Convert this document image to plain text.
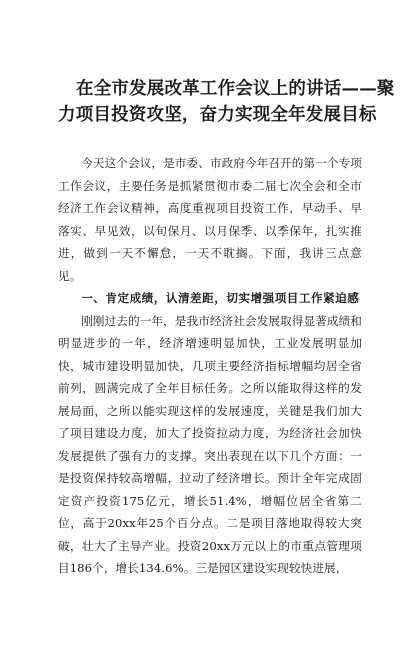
在全市发展改革工作会议上的讲话——聚
力项目投资攻坚，奋力实现全年发展目标

今天这个会议，是市委、市政府今年召开的第一个专项工作会议，主要任务是抓紧贯彻市委二届七次全会和全市经济工作会议精神，高度重视项目投资工作，早动手、早落实、早见效，以旬保月、以月保季、以季保年，扎实推进，做到一天不懈怠，一天不耽搁。下面，我讲三点意见。

一、肯定成绩，认清差距，切实增强项目工作紧迫感

刚刚过去的一年，是我市经济社会发展取得显著成绩和明显进步的一年，经济增速明显加快，工业发展明显加快，城市建设明显加快，几项主要经济指标增幅均居全省前列，圆满完成了全年目标任务。之所以能取得这样的发展局面，之所以能实现这样的发展速度，关键是我们加大了项目建设力度，加大了投资拉动力度，为经济社会加快发展提供了强有力的支撑。突出表现在以下几个方面：一是投资保持较高增幅，拉动了经济增长。预计全年完成固定资产投资175亿元，增长51.4%，增幅位居全省第二位，高于20xx年25个百分点。二是项目落地取得较大突破，壮大了主导产业。投资20xx万元以上的市重点管理项目186个，增长134.6%。三是园区建设实现较快进展，
